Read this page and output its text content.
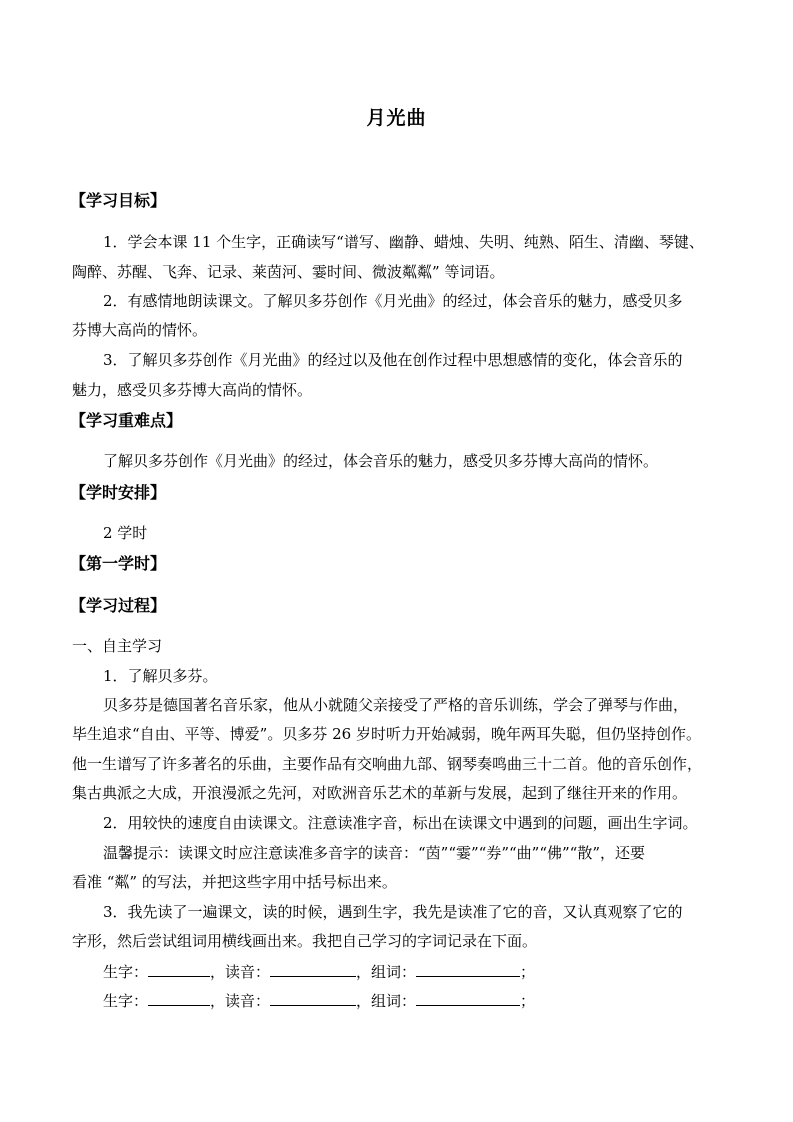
月光曲
【学习目标】
1．学会本课 11 个生字，正确读写“谱写、幽静、蜡烛、失明、纯熟、陌生、清幽、琴键、
陶醉、苏醒、飞奔、记录、莱茵河、霎时间、微波粼粼” 等词语。
2．有感情地朗读课文。了解贝多芬创作《月光曲》的经过，体会音乐的魅力，感受贝多
芬博大高尚的情怀。
3．了解贝多芬创作《月光曲》的经过以及他在创作过程中思想感情的变化，体会音乐的
魅力，感受贝多芬博大高尚的情怀。
【学习重难点】
了解贝多芬创作《月光曲》的经过，体会音乐的魅力，感受贝多芬博大高尚的情怀。
【学时安排】
2 学时
【第一学时】
【学习过程】
一、自主学习
1．了解贝多芬。
贝多芬是德国著名音乐家，他从小就随父亲接受了严格的音乐训练，学会了弹琴与作曲，
毕生追求“自由、平等、博爱”。贝多芬 26 岁时听力开始减弱，晚年两耳失聪，但仍坚持创作。
他一生谱写了许多著名的乐曲，主要作品有交响曲九部、钢琴奏鸣曲三十二首。他的音乐创作，
集古典派之大成，开浪漫派之先河，对欧洲音乐艺术的革新与发展，起到了继往开来的作用。
2．用较快的速度自由读课文。注意读准字音，标出在读课文中遇到的问题，画出生字词。
温馨提示：读课文时应注意读准多音字的读音：“茵”“霎”“券”“曲”“佛”“散”，还要
看准 “粼” 的写法，并把这些字用中括号标出来。
3．我先读了一遍课文，读的时候，遇到生字，我先是读准了它的音，又认真观察了它的
字形，然后尝试组词用横线画出来。我把自己学习的字词记录在下面。
生字：	，读音：	，组词：	；
生字：	，读音：	，组词：	；
